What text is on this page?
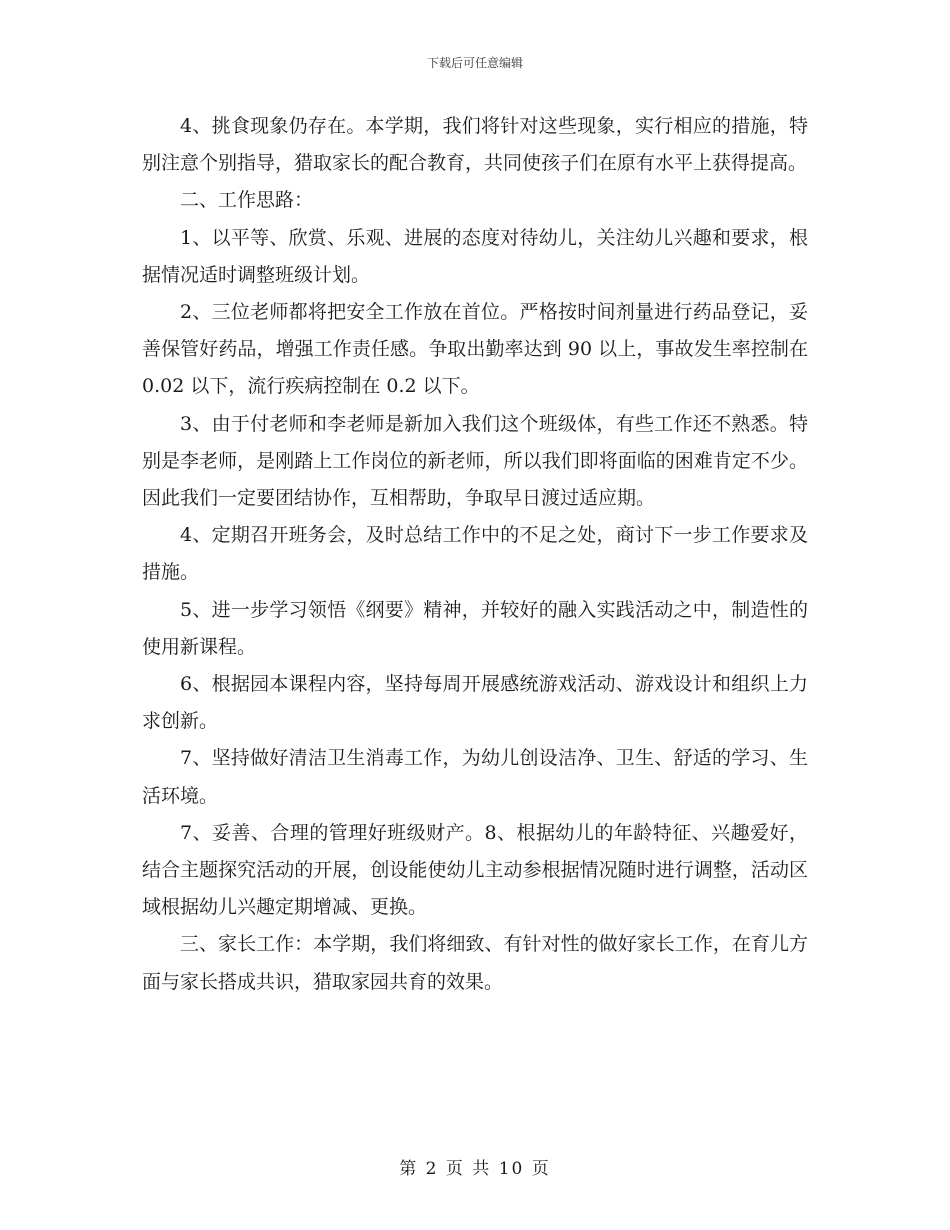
下载后可任意编辑

4、挑食现象仍存在。本学期，我们将针对这些现象，实行相应的措施，特别注意个别指导，猎取家长的配合教育，共同使孩子们在原有水平上获得提高。

二、工作思路：

1、以平等、欣赏、乐观、进展的态度对待幼儿，关注幼儿兴趣和要求，根据情况适时调整班级计划。

2、三位老师都将把安全工作放在首位。严格按时间剂量进行药品登记，妥善保管好药品，增强工作责任感。争取出勤率达到 90 以上，事故发生率控制在 0.02 以下，流行疾病控制在 0.2 以下。

3、由于付老师和李老师是新加入我们这个班级体，有些工作还不熟悉。特别是李老师，是刚踏上工作岗位的新老师，所以我们即将面临的困难肯定不少。因此我们一定要团结协作，互相帮助，争取早日渡过适应期。

4、定期召开班务会，及时总结工作中的不足之处，商讨下一步工作要求及措施。

5、进一步学习领悟《纲要》精神，并较好的融入实践活动之中，制造性的使用新课程。

6、根据园本课程内容，坚持每周开展感统游戏活动、游戏设计和组织上力求创新。

7、坚持做好清洁卫生消毒工作，为幼儿创设洁净、卫生、舒适的学习、生活环境。

7、妥善、合理的管理好班级财产。8、根据幼儿的年龄特征、兴趣爱好，结合主题探究活动的开展，创设能使幼儿主动参根据情况随时进行调整，活动区域根据幼儿兴趣定期增减、更换。

三、家长工作：本学期，我们将细致、有针对性的做好家长工作，在育儿方面与家长搭成共识，猎取家园共育的效果。

第 2 页 共 10 页
